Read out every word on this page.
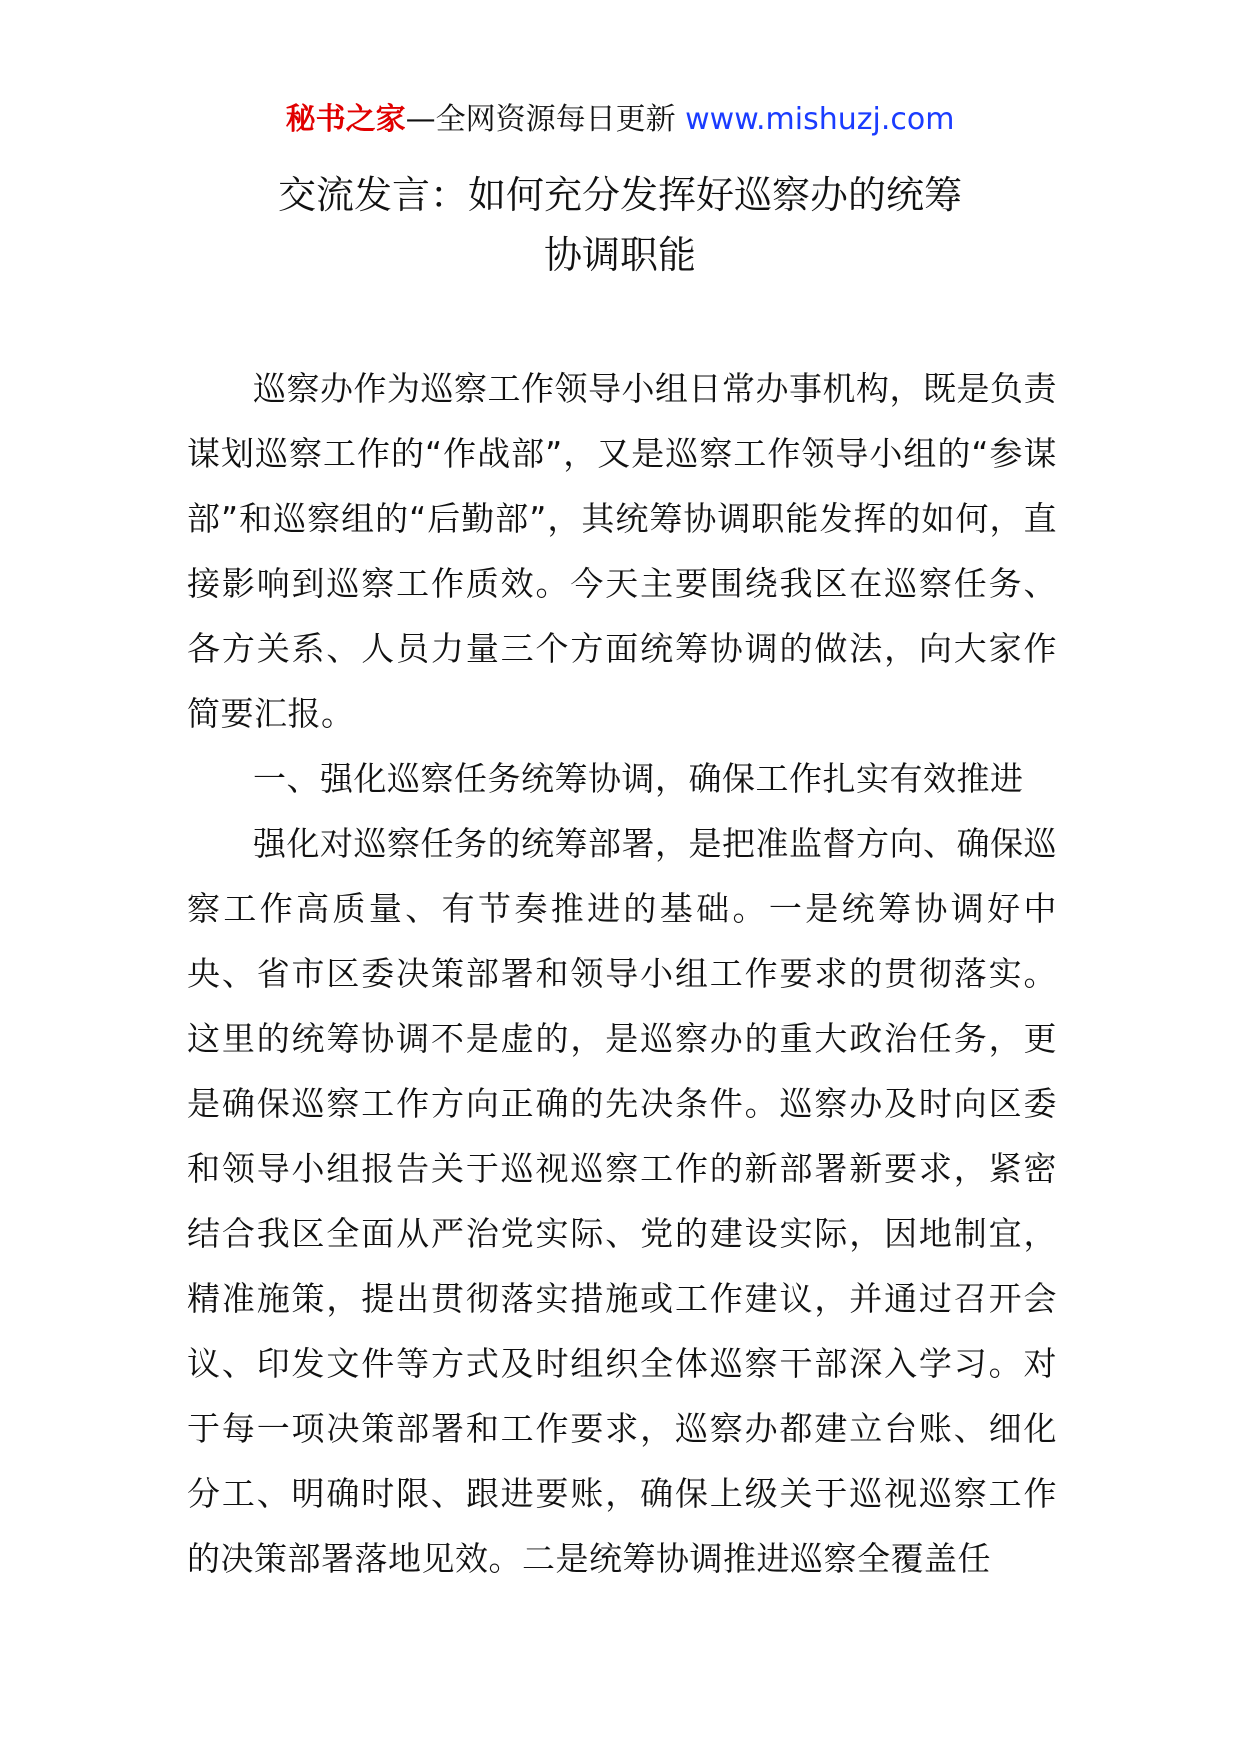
秘书之家—全网资源每日更新 www.mishuzj.com
交流发言：如何充分发挥好巡察办的统筹
协调职能

巡察办作为巡察工作领导小组日常办事机构，既是负责谋划巡察工作的“作战部”，又是巡察工作领导小组的“参谋部”和巡察组的“后勤部”，其统筹协调职能发挥的如何，直接影响到巡察工作质效。今天主要围绕我区在巡察任务、各方关系、人员力量三个方面统筹协调的做法，向大家作简要汇报。

一、强化巡察任务统筹协调，确保工作扎实有效推进

强化对巡察任务的统筹部署，是把准监督方向、确保巡察工作高质量、有节奏推进的基础。一是统筹协调好中央、省市区委决策部署和领导小组工作要求的贯彻落实。这里的统筹协调不是虚的，是巡察办的重大政治任务，更是确保巡察工作方向正确的先决条件。巡察办及时向区委和领导小组报告关于巡视巡察工作的新部署新要求，紧密结合我区全面从严治党实际、党的建设实际，因地制宜，精准施策，提出贯彻落实措施或工作建议，并通过召开会议、印发文件等方式及时组织全体巡察干部深入学习。对于每一项决策部署和工作要求，巡察办都建立台账、细化分工、明确时限、跟进要账，确保上级关于巡视巡察工作的决策部署落地见效。二是统筹协调推进巡察全覆盖任
